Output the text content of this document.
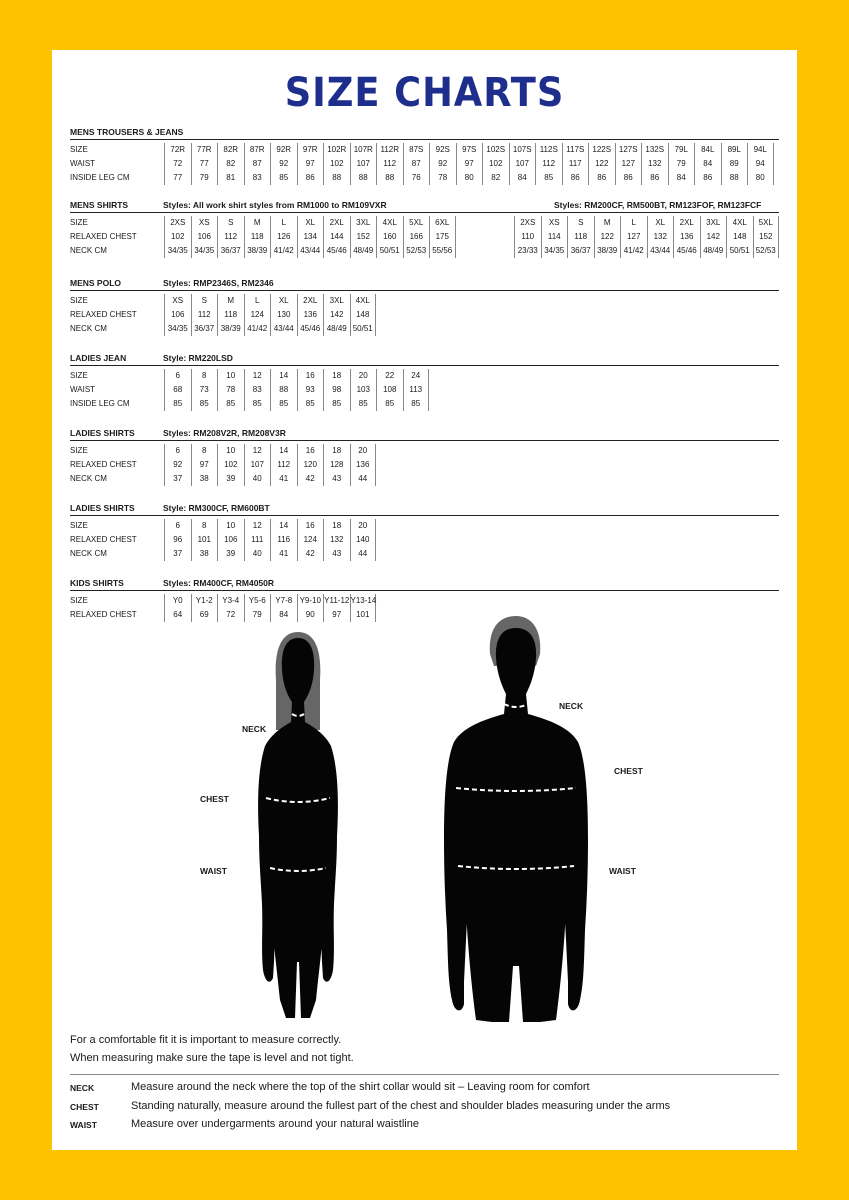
SIZE CHARTS
MENS TROUSERS & JEANS
SIZE	72R	77R	82R	87R	92R	97R	102R 107R 112R	87S	92S	97S	102S 107S	112S	117S	122S 127S 132S	79L	84L	89L	94L
WAIST	72	77	82	87	92	97	102	107	112	87	92	97	102	107	112	117	122	127	132	79	84	89	94
INSIDE LEG CM	77	79	81	83	85	86	88	88	88	76	78	80	82	84	85	86	86	86	86	84	86	88	80
MENS SHIRTS	Styles: All work shirt styles from RM1000 to RM109VXR
SIZE	2XS	XS	S	M	L	XL	2XL	3XL	4XL	5XL	6XL
RELAXED CHEST	102	106	112	118	126	134	144	152	160	166	175
NECK CM	34/35 34/35 36/37 38/39 41/42 43/44 45/46 48/49 50/51 52/53 55/56
Styles: RM200CF, RM500BT, RM123FOF, RM123FCF
2XS	XS	S	M	L	XL	2XL	3XL	4XL	5XL
110	114	118	122	127	132	136	142	148	152
23/33 34/35 36/37 38/39 41/42 43/44 45/46 48/49 50/51 52/53
MENS POLO	Styles: RMP2346S, RM2346
SIZE	XS	S	M	L	XL	2XL	3XL	4XL
RELAXED CHEST	106	112	118	124	130	136	142	148
NECK CM	34/35 36/37 38/39 41/42 43/44 45/46 48/49 50/51
LADIES JEAN	Style: RM220LSD
SIZE	6	8	10	12	14	16	18	20	22	24
WAIST	68	73	78	83	88	93	98	103	108	113
INSIDE LEG CM	85	85	85	85	85	85	85	85	85	85
LADIES SHIRTS	Styles: RM208V2R, RM208V3R
SIZE	6	8	10	12	14	16	18	20
RELAXED CHEST	92	97	102	107	112	120	128	136
NECK CM	37	38	39	40	41	42	43	44
LADIES SHIRTS	Style: RM300CF, RM600BT
SIZE	6	8	10	12	14	16	18	20
RELAXED CHEST	96	101	106	111	116	124	132	140
NECK CM	37	38	39	40	41	42	43	44
KIDS SHIRTS	Styles: RM400CF, RM4050R
SIZE	Y0	Y1-2	Y3-4	Y5-6	Y7-8 Y9-10 Y11-12 Y13-14
RELAXED CHEST	64	69	72	79	84	90	97	101
NECK
CHEST
WAIST
NECK
CHEST
WAIST
For a comfortable fit it is important to measure correctly.
When measuring make sure the tape is level and not tight.
NECK	Measure around the neck where the top of the shirt collar would sit – Leaving room for comfort
CHEST	Standing naturally, measure around the fullest part of the chest and shoulder blades measuring under the arms
WAIST	Measure over undergarments around your natural waistline
